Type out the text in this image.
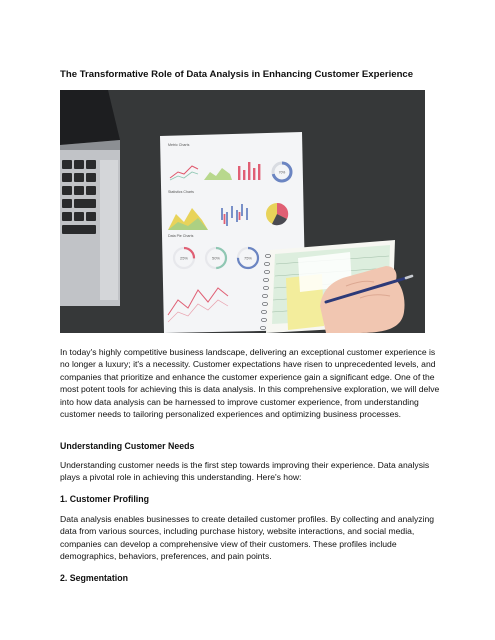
The Transformative Role of Data Analysis in Enhancing Customer Experience
Metric Charts
Statistics Charts
Data Pie Charts
70%
25%	50%	75%

In today's highly competitive business landscape, delivering an exceptional customer experience is no longer a luxury; it's a necessity. Customer expectations have risen to unprecedented levels, and companies that prioritize and enhance the customer experience gain a significant edge. One of the most potent tools for achieving this is data analysis. In this comprehensive exploration, we will delve into how data analysis can be harnessed to improve customer experience, from understanding customer needs to tailoring personalized experiences and optimizing business processes.

Understanding Customer Needs

Understanding customer needs is the first step towards improving their experience. Data analysis plays a pivotal role in achieving this understanding. Here's how:

1. Customer Profiling

Data analysis enables businesses to create detailed customer profiles. By collecting and analyzing data from various sources, including purchase history, website interactions, and social media, companies can develop a comprehensive view of their customers. These profiles include demographics, behaviors, preferences, and pain points.

2. Segmentation
